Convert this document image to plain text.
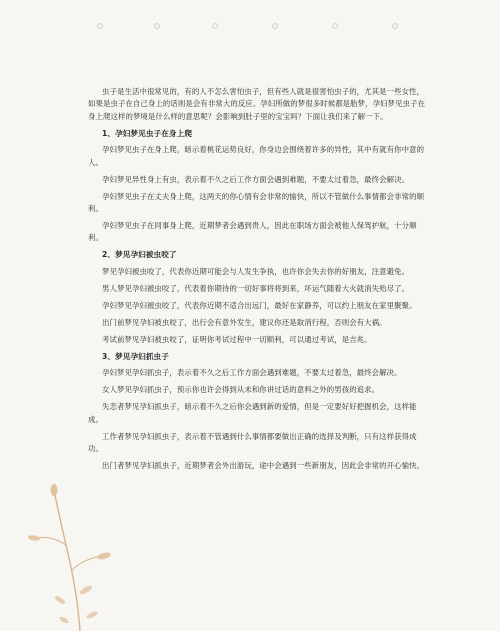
虫子是生活中很常见的，有的人不怎么害怕虫子，但有些人就是很害怕虫子的，尤其是一些女性，如果是虫子在自己身上的话则是会有非常大的反应。孕妇所做的梦很多时候都是胎梦，孕妇梦见虫子在身上爬这样的梦境是什么样的意思呢？会影响到肚子里的宝宝吗？下面让我们来了解一下。

1、孕妇梦见虫子在身上爬

孕妇梦见虫子在身上爬，暗示着桃花运势良好，你身边会围绕着许多的异性，其中有就有你中意的人。

孕妇梦见异性身上有虫，表示着不久之后工作方面会遇到难题，不要太过着急，最终会解决。

孕妇梦见虫子在丈夫身上爬，这两天的你心情有会非常的愉快，所以不管做什么事情都会非常的顺利。

孕妇梦见虫子在同事身上爬，近期梦者会遇到贵人，因此在职场方面会被他人保驾护航，十分顺利。

2、梦见孕妇被虫咬了

梦见孕妇被虫咬了，代表你近期可能会与人发生争执，也许你会失去你的好朋友，注意避免。

男人梦见孕妇被虫咬了，代表着你期待的一切好事将将到来，坏运气随着大火就消失殆尽了。

孕妇梦见孕妇被虫咬了，代表你近期不适合出远门，最好在家静养，可以约上朋友在家里聚聚。

出门前梦见孕妇被虫咬了，出行会有意外发生，建议你还是取消行程，否则会有大祸。

考试前梦见孕妇被虫咬了，证明你考试过程中一切顺利，可以通过考试，是吉兆。

3、梦见孕妇抓虫子

孕妇梦见孕妇抓虫子，表示着不久之后工作方面会遇到难题，不要太过着急，最终会解决。

女人梦见孕妇抓虫子，预示你也许会得到从未和你讲过话的意料之外的男孩的追求。

失恋者梦见孕妇抓虫子，暗示着不久之后你会遇到新的爱情，但是一定要好好把握机会，这样能成。

工作者梦见孕妇抓虫子，表示着不管遇到什么事情都要做出正确的选择及判断，只有这样获得成功。

出门者梦见孕妇抓虫子，近期梦者会外出游玩，途中会遇到一些新朋友，因此会非常的开心愉快。
